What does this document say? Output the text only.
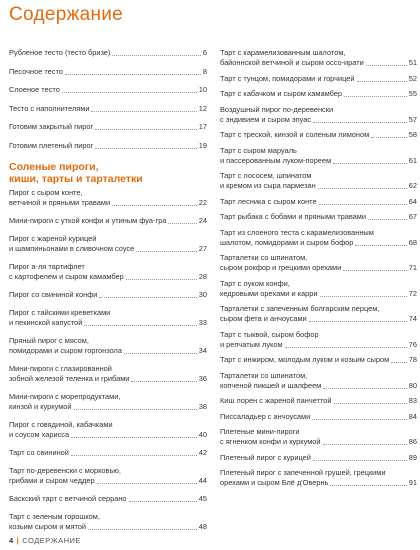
Содержание
Рубленое тесто (тесто бризе)	6
Песочное тесто	8
Слоеное тесто	10
Тесто с наполнителями	12
Готовим закрытый пирог	17
Готовим плетеный пирог	19
Соленые пироги,
киши, тарты и тарталетки
Пирог с сыром конте,
ветчиной и пряными травами	22
Мини-пироги с уткой конфи и утиным фуа-гра	24
Пирог с жареной курицей
и шампиньонами в сливочном соусе	27
Пирог а-ля тартифлет
с картофелем и сыром камамбер	28
Пирог со свининой конфи	30
Пирог с тайскими креветками
и пекинской капустой	33
Пряный пирог с мясом,
помидорами и сыром горгонзола	34
Мини-пироги с глазированной
зобной железой теленка и грибами	36
Мини-пироги с морепродуктами,
кинзой и куркумой	38
Пирог с говядиной, кабачками
и соусом харисса	40
Тарт со свининой	42
Тарт по-деревенски с морковью,
грибами и сыром чеддер	44
Баскский тарт с ветчиной серрано	45
Тарт с зеленым горошком,
козьим сыром и мятой	48
Тарт с карамелизованным шалотом,
байоннской ветчиной и сыром оссо-ирати	51
Тарт с тунцом, помидорами и горчицей	52
Тарт с кабачком и сыром камамбер	55
Воздушный пирог по-деревенски
с эндивием и сыром эпуас	57
Тарт с треской, кинзой и соленым лимоном	58
Тарт с сыром маруаль
и пассерованным луком-пореем	61
Тарт с лососем, шпинатом
и кремом из сыра пармезан	62
Тарт лесника с сыром конте	64
Тарт рыбака с бобами и пряными травами	67
Тарт из слоеного теста с карамелизованным
шалотом, помидорами и сыром бофор	68
Тарталетки со шпинатом,
сыром рокфор и грецкими орехами	71
Тарт с луком конфи,
кедровыми орехами и карри	72
Тарталетки с запеченным болгарским перцем,
сыром фета и анчоусами	74
Тарт с тыквой, сыром бофор
и репчатым луком	76
Тарт с инжиром, молодым луком и козьим сыром	78
Тарталетки со шпинатом,
копченой пикшей и шалфеем	80
Киш лорен с жареной панчеттой	83
Писсаладьер с анчоусами	84
Плетеные мини-пироги
с ягненком конфи и куркумой	86
Плетеный пирог с курицей	89
Плетеный пирог с запеченной грушей, грецкими
орехами и сыром Блё д'Овернь	91
4 | СОДЕРЖАНИЕ
